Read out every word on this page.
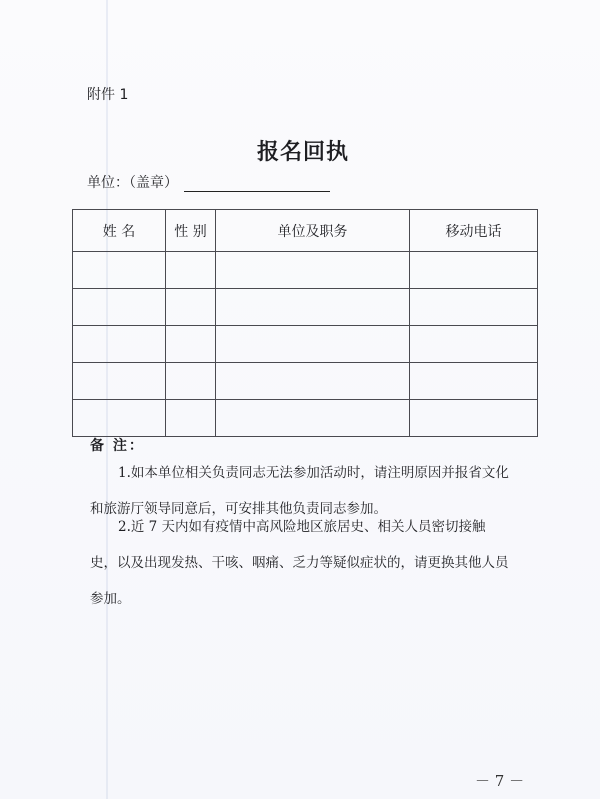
附件 1
报名回执
单位：（盖章）
姓 名	性 别	单位及职务	移动电话

备 注：
1.如本单位相关负责同志无法参加活动时，请注明原因并报省文化和旅游厅领导同意后，可安排其他负责同志参加。
2.近 7 天内如有疫情中高风险地区旅居史、相关人员密切接触史，以及出现发热、干咳、咽痛、乏力等疑似症状的，请更换其他人员参加。
－ 7 －
